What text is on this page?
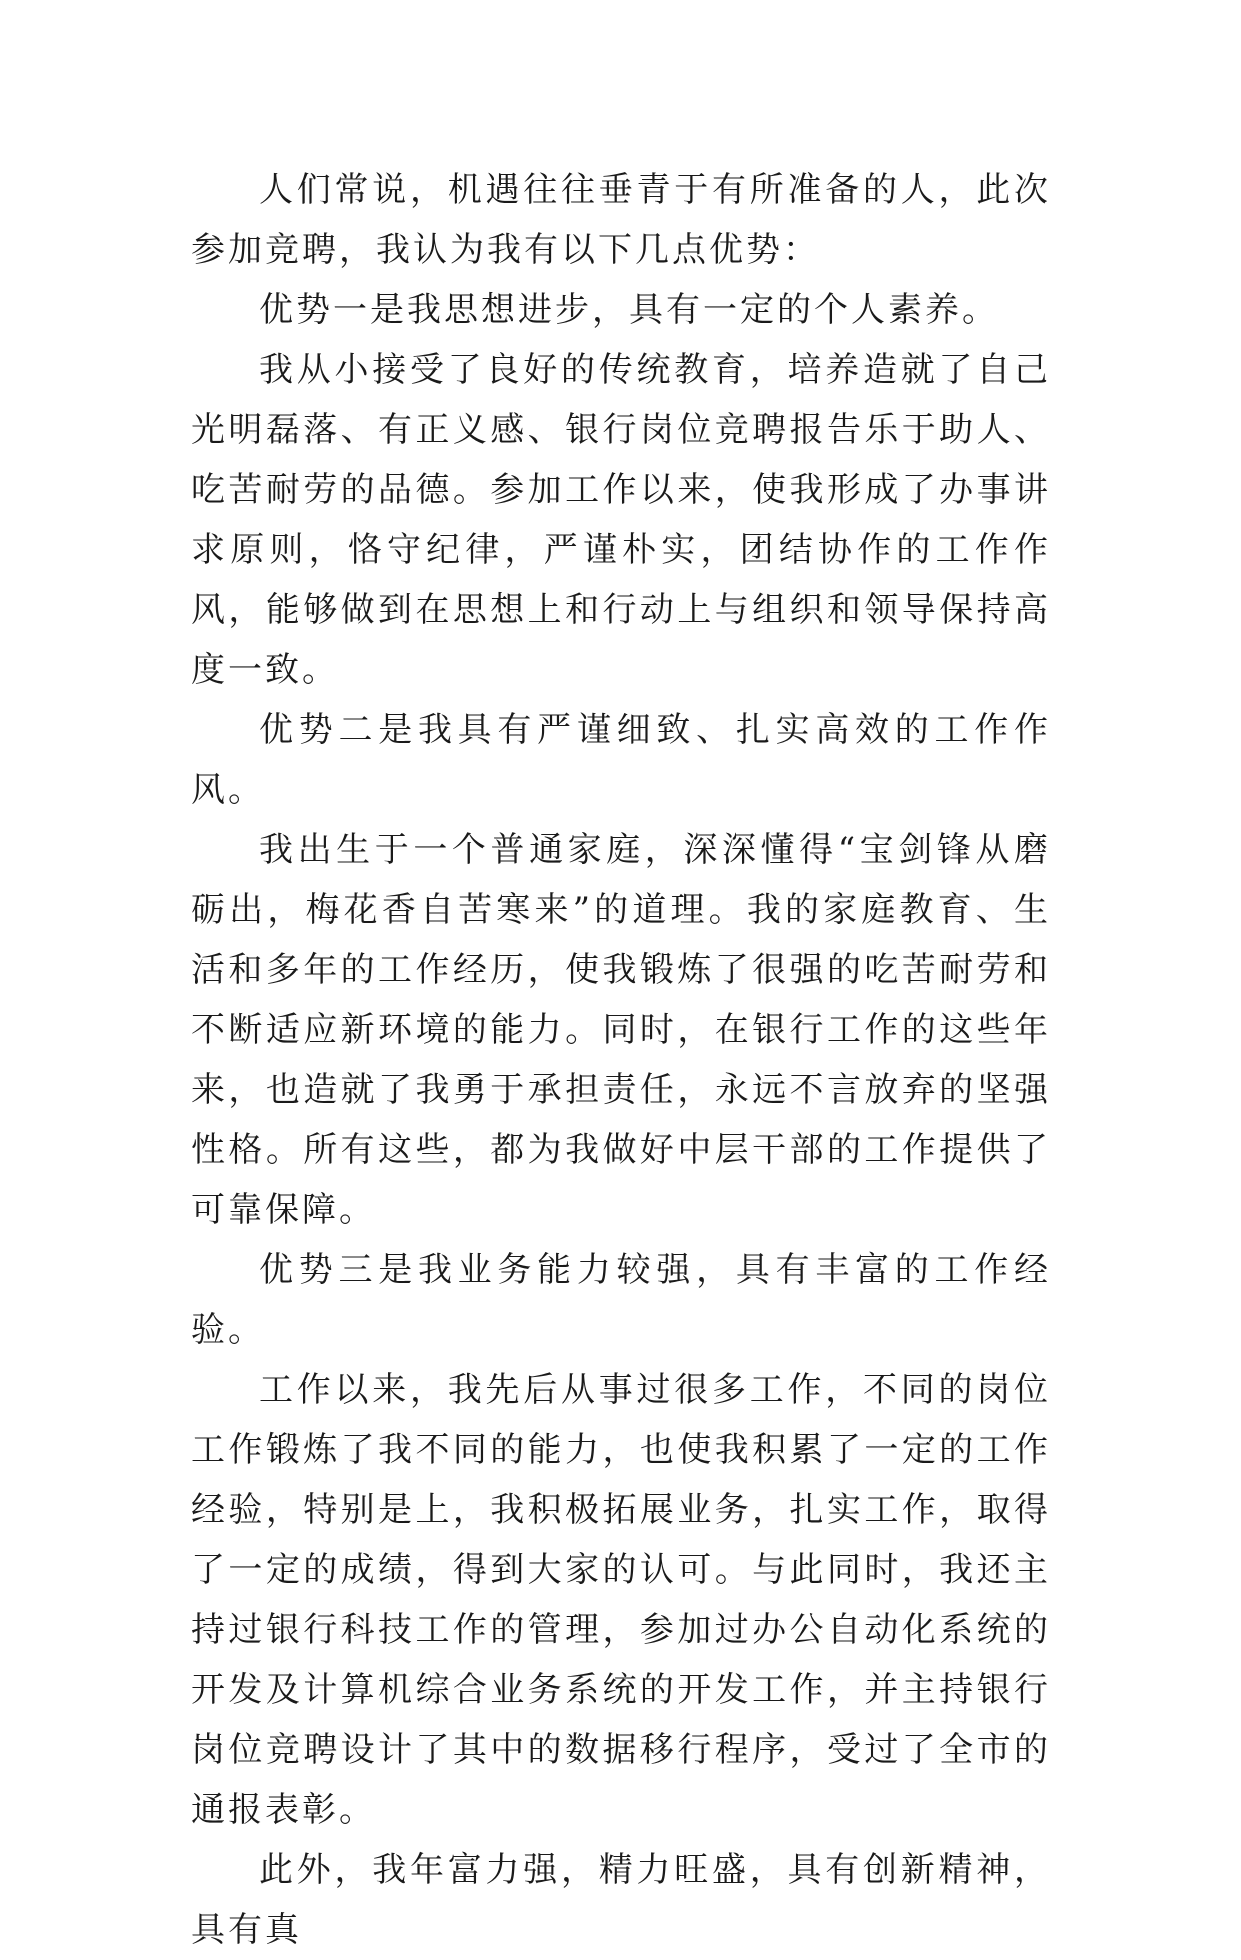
人们常说，机遇往往垂青于有所准备的人，此次参加竞聘，我认为我有以下几点优势：

优势一是我思想进步，具有一定的个人素养。

我从小接受了良好的传统教育，培养造就了自己光明磊落、有正义感、银行岗位竞聘报告乐于助人、吃苦耐劳的品德。参加工作以来，使我形成了办事讲求原则，恪守纪律，严谨朴实，团结协作的工作作风，能够做到在思想上和行动上与组织和领导保持高度一致。

优势二是我具有严谨细致、扎实高效的工作作风。

我出生于一个普通家庭，深深懂得“宝剑锋从磨砺出，梅花香自苦寒来”的道理。我的家庭教育、生活和多年的工作经历，使我锻炼了很强的吃苦耐劳和不断适应新环境的能力。同时，在银行工作的这些年来，也造就了我勇于承担责任，永远不言放弃的坚强性格。所有这些，都为我做好中层干部的工作提供了可靠保障。

优势三是我业务能力较强，具有丰富的工作经验。

工作以来，我先后从事过很多工作，不同的岗位工作锻炼了我不同的能力，也使我积累了一定的工作经验，特别是上，我积极拓展业务，扎实工作，取得了一定的成绩，得到大家的认可。与此同时，我还主持过银行科技工作的管理，参加过办公自动化系统的开发及计算机综合业务系统的开发工作，并主持银行岗位竞聘设计了其中的数据移行程序，受过了全市的通报表彰。

此外，我年富力强，精力旺盛，具有创新精神，具有真
